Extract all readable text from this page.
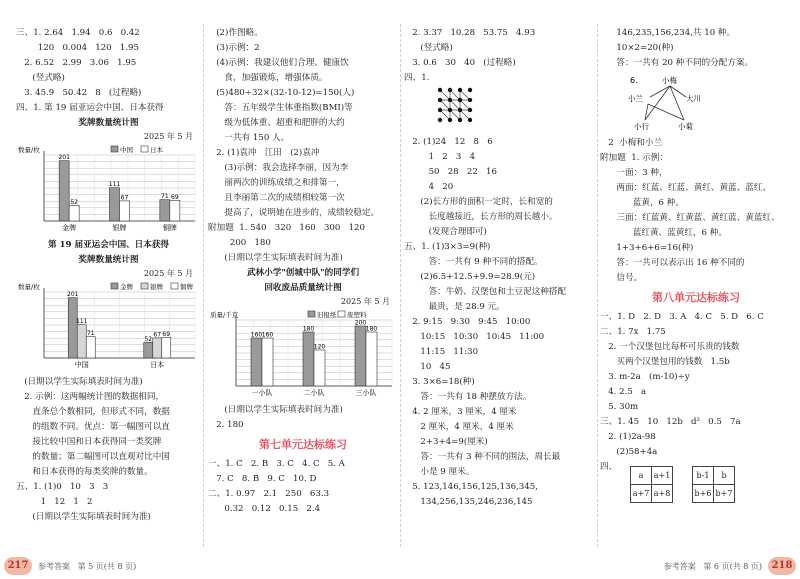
三、1. 2.64   1.94   0.6   0.42
120   0.004   120   1.95
2. 6.52   2.99   3.06   1.95
(竖式略)
3. 45.9   50.42   8   (过程略)
四、1. 第 19 届亚运会中国、日本获得
奖牌数量统计图
2025 年 5 月
数量/枚	中国	日本
201
52
金牌
111
67
银牌
71 69
铜牌
第 19 届亚运会中国、日本获得
奖牌数量统计图
2025 年 5 月
数量/枚	金牌	银牌	铜牌
201
111
71
中国
52
67 69
日本
(日期以学生实际填表时间为准)
2. 示例：这两幅统计图的数据相同，
直条总个数相同，但形式不同，数据
的组数不同。优点：第一幅图可以直
接比较中国和日本获得同一类奖牌
的数量；第二幅图可以直观对比中国
和日本获得的每类奖牌的数量。
五、1. (1)0   10   3   3
1   12   1   2
(日期以学生实际填表时间为准)
(2)作图略。
(3)示例：2
(4)示例：我建议他们合理、健康饮
食，加强锻炼，增强体质。
(5)480÷32×(32-10-12)=150(人)
答：五年级学生体重指数(BMI)等
级为低体重、超重和肥胖的大约
一共有 150 人。
2. (1)袁冲   江田   (2)袁冲
(3)示例：我会选择李丽，因为李
丽两次的训练成绩之和排第一，
且李丽第二次的成绩相较第一次
提高了，说明她在进步的，成绩较稳定。
附加题  1. 540   320   160   300   120
200   180
(日期以学生实际填表时间为准)
武林小学"创城中队"的同学们
回收废品质量统计图
2025 年 5 月
质量/千克	旧报纸 废塑料
160 160
一小队
180
120
二小队
200
180
三小队
(日期以学生实际填表时间为准)
2. 180
第七单元达标练习
一、1. C   2. B   3. C   4. C   5. A
7. C   8. B   9. C   10. D
二、1. 0.97   2.1   250   63.3
0.32   0.12   0.15   2.4
2. 3.37   10.28   53.75   4.93
(竖式略)
3. 0.6   30   40   (过程略)
四、1.
2. (1)24   12   8   6
1   2   3   4
50   28   22   16
4   20
(2)长方形的面积一定时，长和宽的
长度越接近，长方形的周长越小。
(发现合理即可)
五、1. (1)3×3=9(种)
答：一共有 9 种不同的搭配。
(2)6.5+12.5+9.9=28.9(元)
答：牛奶、汉堡包和土豆泥这种搭配
最贵，是 28.9 元。
2. 9:15   9:30   9:45   10:00
10:15   10:30   10:45   11:00
11:15   11:30
10   45
3. 3×6=18(种)
答：一共有 18 种摆放方法。
4. 2 厘米，3 厘米，4 厘米
2 厘米，4 厘米，4 厘米
2+3+4=9(厘米)
答：一共有 3 种不同的围法，周长最
小是 9 厘米。
5. 123,146,156,125,136,345,
134,256,135,246,236,145
146,235,156,234,共 10 种。
10×2=20(种)
答：一共有 20 种不同的分配方案。
6.	小梅
小兰	大川
小行	小菊
2  小梅和小兰
附加题  1. 示例：
一面：3 种，
两面：红蓝、红蓝、黄红、黄蓝、蓝红、
蓝黄，6 种。
三面：红蓝黄、红黄蓝、黄红蓝、黄蓝红、
蓝红黄、蓝黄红，6 种。
1+3+6+6=16(种)
答：一共可以表示出 16 种不同的
信号。
第八单元达标练习
一、1. D   2. D   3. A   4. C   5. D   6. C
二、1. 7x   1.75
2. 一个汉堡包比每杯可乐贵的钱数
买两个汉堡包用的钱数   1.5b
3. m-2a   (m-10)÷y
4. 2.5   a
5. 30m
三、1. 45   10   12b   d²   0.5   7a
2. (1)2a-98
(2)58+4a
四、
a	a+1
a+7	a+8
b-1	b
b+6	b+7
217	参考答案   第 5 页(共 8 页)	参考答案   第 6 页(共 8 页) 218
